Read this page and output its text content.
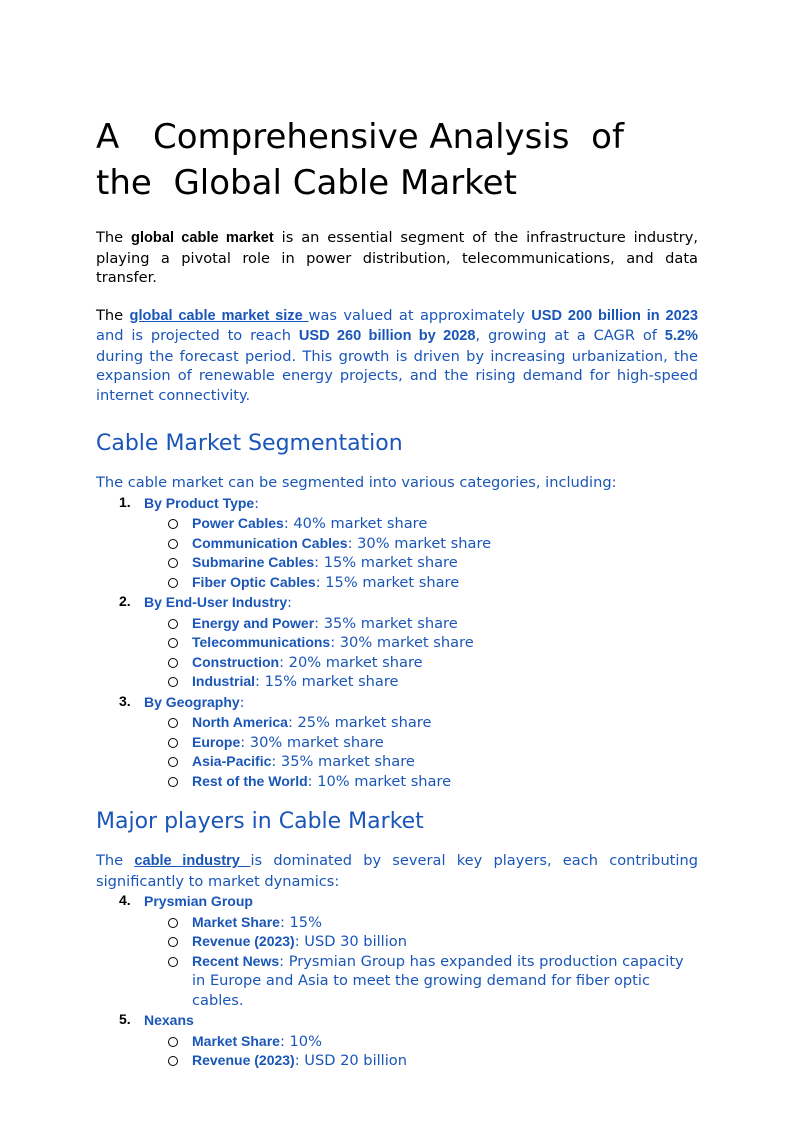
A Comprehensive Analysis of
the Global Cable Market

The global cable market is an essential segment of the infrastructure industry, playing a pivotal role in power distribution, telecommunications, and data transfer.

The global cable market size was valued at approximately USD 200 billion in 2023 and is projected to reach USD 260 billion by 2028, growing at a CAGR of 5.2% during the forecast period. This growth is driven by increasing urbanization, the expansion of renewable energy projects, and the rising demand for high-speed internet connectivity.

Cable Market Segmentation

The cable market can be segmented into various categories, including:

1. By Product Type:
Power Cables: 40% market share
Communication Cables: 30% market share
Submarine Cables: 15% market share
Fiber Optic Cables: 15% market share
2. By End-User Industry:
Energy and Power: 35% market share
Telecommunications: 30% market share
Construction: 20% market share
Industrial: 15% market share
3. By Geography:
North America: 25% market share
Europe: 30% market share
Asia-Pacific: 35% market share
Rest of the World: 10% market share
Major players in Cable Market

The cable industry is dominated by several key players, each contributing significantly to market dynamics:

4. Prysmian Group
Market Share: 15%
Revenue (2023): USD 30 billion
Recent News: Prysmian Group has expanded its production capacity in Europe and Asia to meet the growing demand for fiber optic cables.
5. Nexans
Market Share: 10%
Revenue (2023): USD 20 billion
